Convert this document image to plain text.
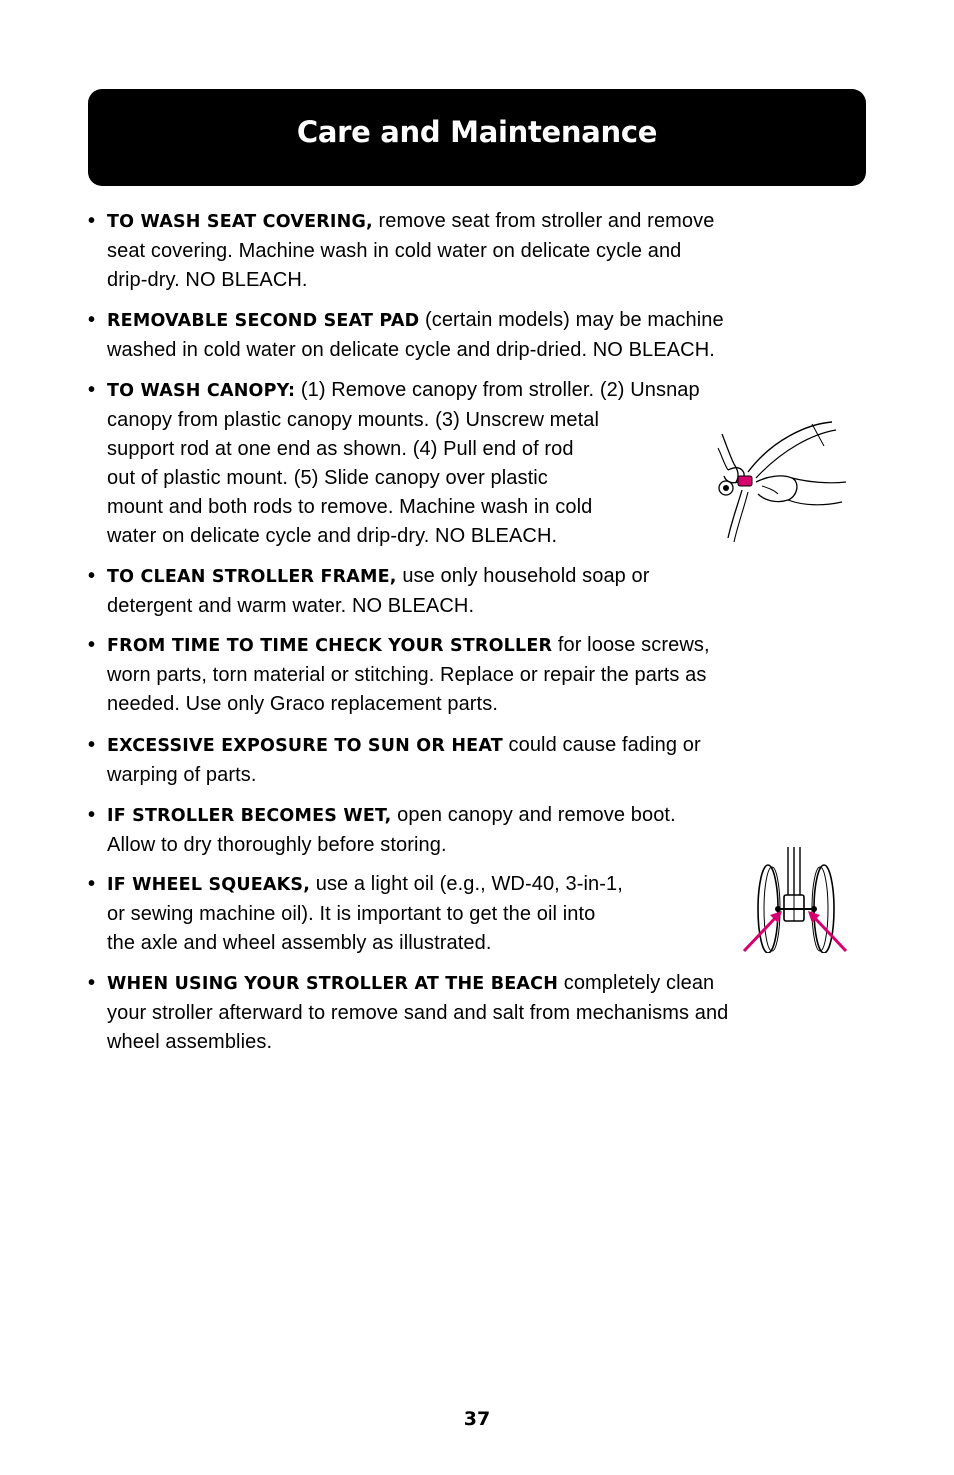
Care and Maintenance
• TO WASH SEAT COVERING, remove seat from stroller and remove
seat covering. Machine wash in cold water on delicate cycle and
drip-dry. NO BLEACH.
• REMOVABLE SECOND SEAT PAD (certain models) may be machine
washed in cold water on delicate cycle and drip-dried. NO BLEACH.
• TO WASH CANOPY: (1) Remove canopy from stroller. (2) Unsnap
canopy from plastic canopy mounts. (3) Unscrew metal
support rod at one end as shown. (4) Pull end of rod
out of plastic mount. (5) Slide canopy over plastic
mount and both rods to remove. Machine wash in cold
water on delicate cycle and drip-dry. NO BLEACH.
• TO CLEAN STROLLER FRAME, use only household soap or
detergent and warm water. NO BLEACH.
• FROM TIME TO TIME CHECK YOUR STROLLER for loose screws,
worn parts, torn material or stitching. Replace or repair the parts as
needed. Use only Graco replacement parts.
• EXCESSIVE EXPOSURE TO SUN OR HEAT could cause fading or
warping of parts.
• IF STROLLER BECOMES WET, open canopy and remove boot.
Allow to dry thoroughly before storing.
• IF WHEEL SQUEAKS, use a light oil (e.g., WD-40, 3-in-1,
or sewing machine oil). It is important to get the oil into
the axle and wheel assembly as illustrated.
• WHEN USING YOUR STROLLER AT THE BEACH completely clean
your stroller afterward to remove sand and salt from mechanisms and
wheel assemblies.
37
